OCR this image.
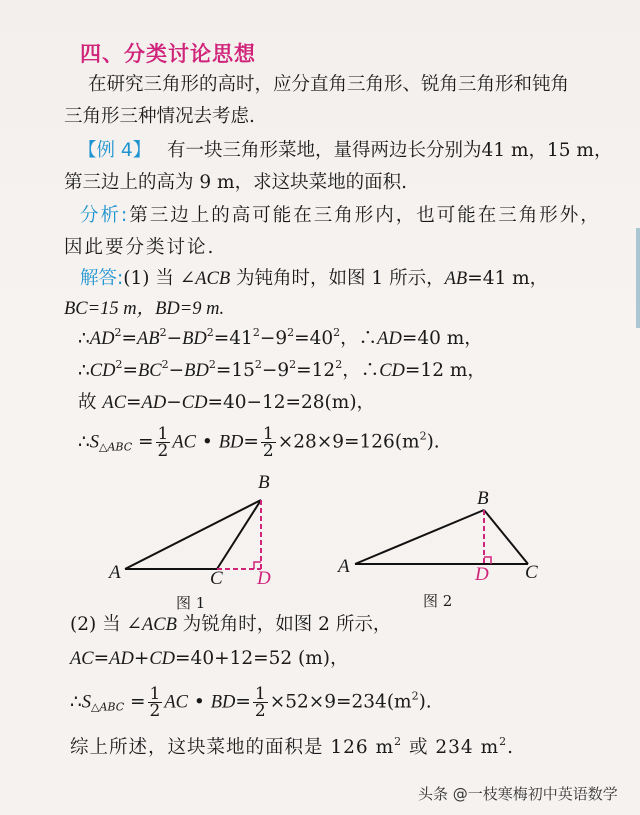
四、分类讨论思想
在研究三角形的高时，应分直角三角形、锐角三角形和钝角
三角形三种情况去考虑.
【例 4】 有一块三角形菜地，量得两边长分别为41 m，15 m，
第三边上的高为 9 m，求这块菜地的面积.
分析:第三边上的高可能在三角形内，也可能在三角形外，
因此要分类讨论.
解答:(1) 当 ∠ACB 为钝角时，如图 1 所示，AB=41 m，
BC=15 m，BD=9 m.
$\therefore AD^2=AB^2-BD^2=41^2-9^2=40^2$，∴AD=40 m，
$\therefore CD^2=BC^2-BD^2=15^2-9^2=12^2$，∴CD=12 m，
故 AC=AD−CD=40−12=28(m)，
$\therefore S_{\triangle ABC} = \frac{1}{2}$ AC • $BD= \frac{1}{2} \times 28\times 9=126(m^2)$.
B
A	C D
图 1
B
A	C
D
图 2
(2) 当 ∠ACB 为锐角时，如图 2 所示，
AC=AD+CD=40+12=52 (m)，
$\therefore S_{\triangle ABC} = \frac{1}{2}$ AC • $BD= \frac{1}{2} \times 52\times 9=234(m^2)$.
综上所述，这块菜地的面积是 126 $m^2$ 或 234 $m^2$.
头条 @一枝寒梅初中英语数学
